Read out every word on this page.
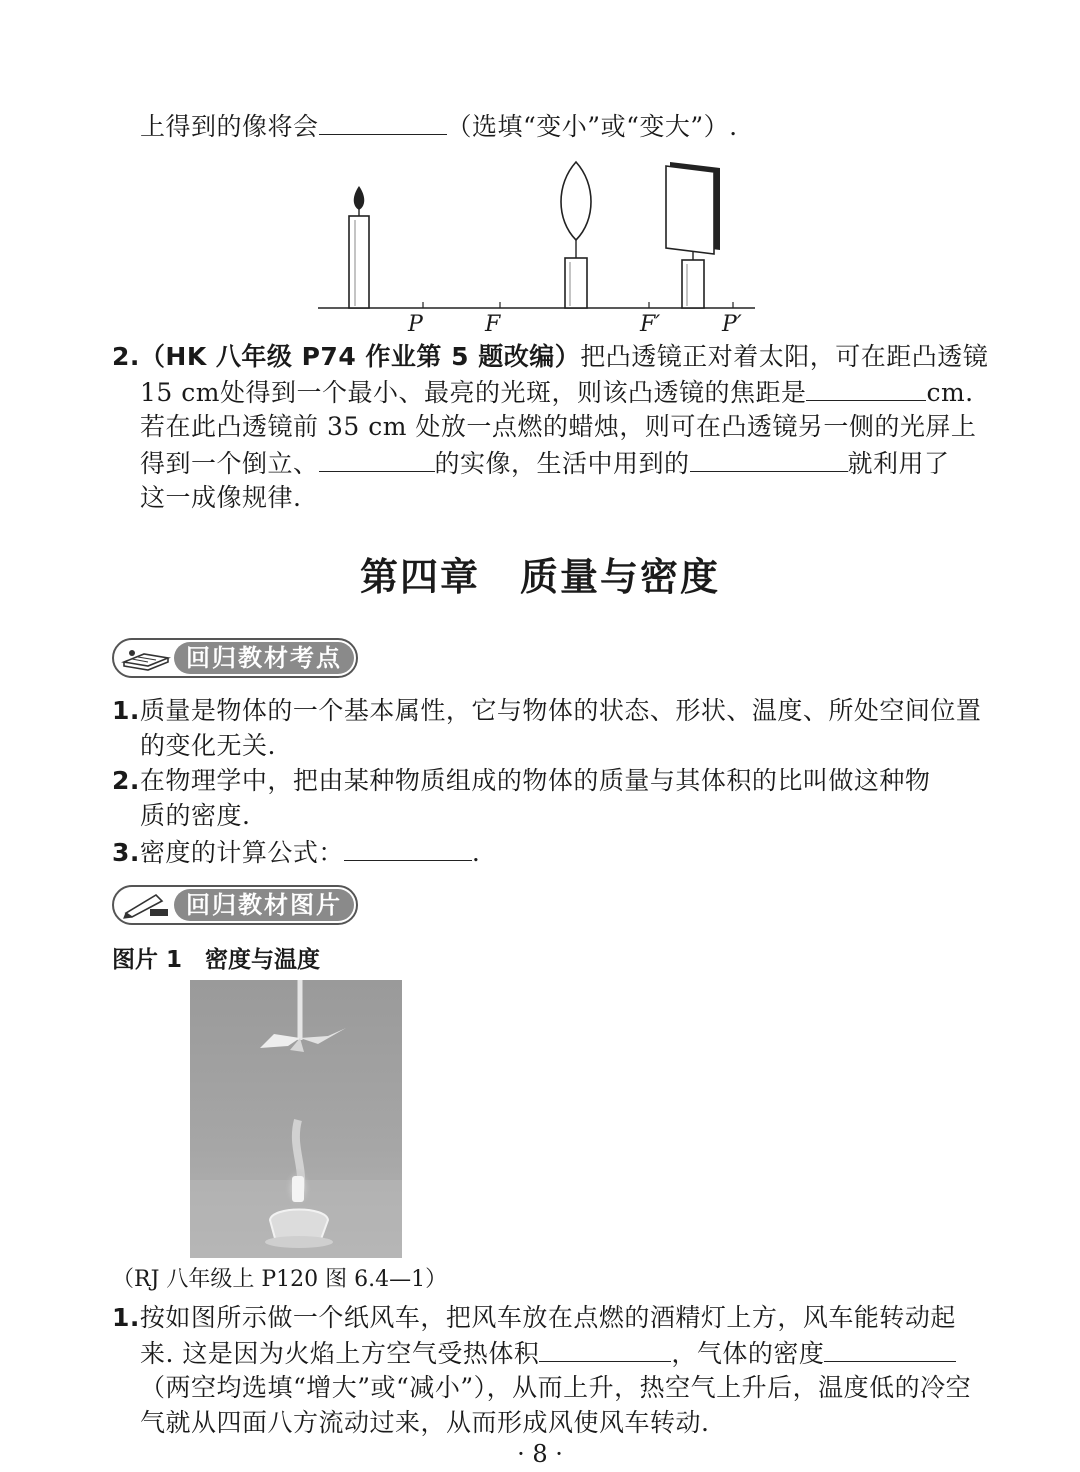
上得到的像将会	（选填“变小”或“变大”）.
P	F	F′	P′
2.（HK 八年级 P74 作业第 5 题改编）把凸透镜正对着太阳，可在距凸透镜
15 cm处得到一个最小、最亮的光斑，则该凸透镜的焦距是	cm.
若在此凸透镜前 35 cm 处放一点燃的蜡烛，则可在凸透镜另一侧的光屏上
得到一个倒立、	的实像，生活中用到的	就利用了
这一成像规律.
第四章　质量与密度
回归教材考点
1.质量是物体的一个基本属性，它与物体的状态、形状、温度、所处空间位置
的变化无关.
2.在物理学中，把由某种物质组成的物体的质量与其体积的比叫做这种物
质的密度.
3.密度的计算公式：	.
回归教材图片
图片 1　密度与温度
（RJ 八年级上 P120 图 6.4—1）
1.按如图所示做一个纸风车，把风车放在点燃的酒精灯上方，风车能转动起
来. 这是因为火焰上方空气受热体积	，气体的密度
（两空均选填“增大”或“减小”），从而上升，热空气上升后，温度低的冷空
气就从四面八方流动过来，从而形成风使风车转动.
· 8 ·
